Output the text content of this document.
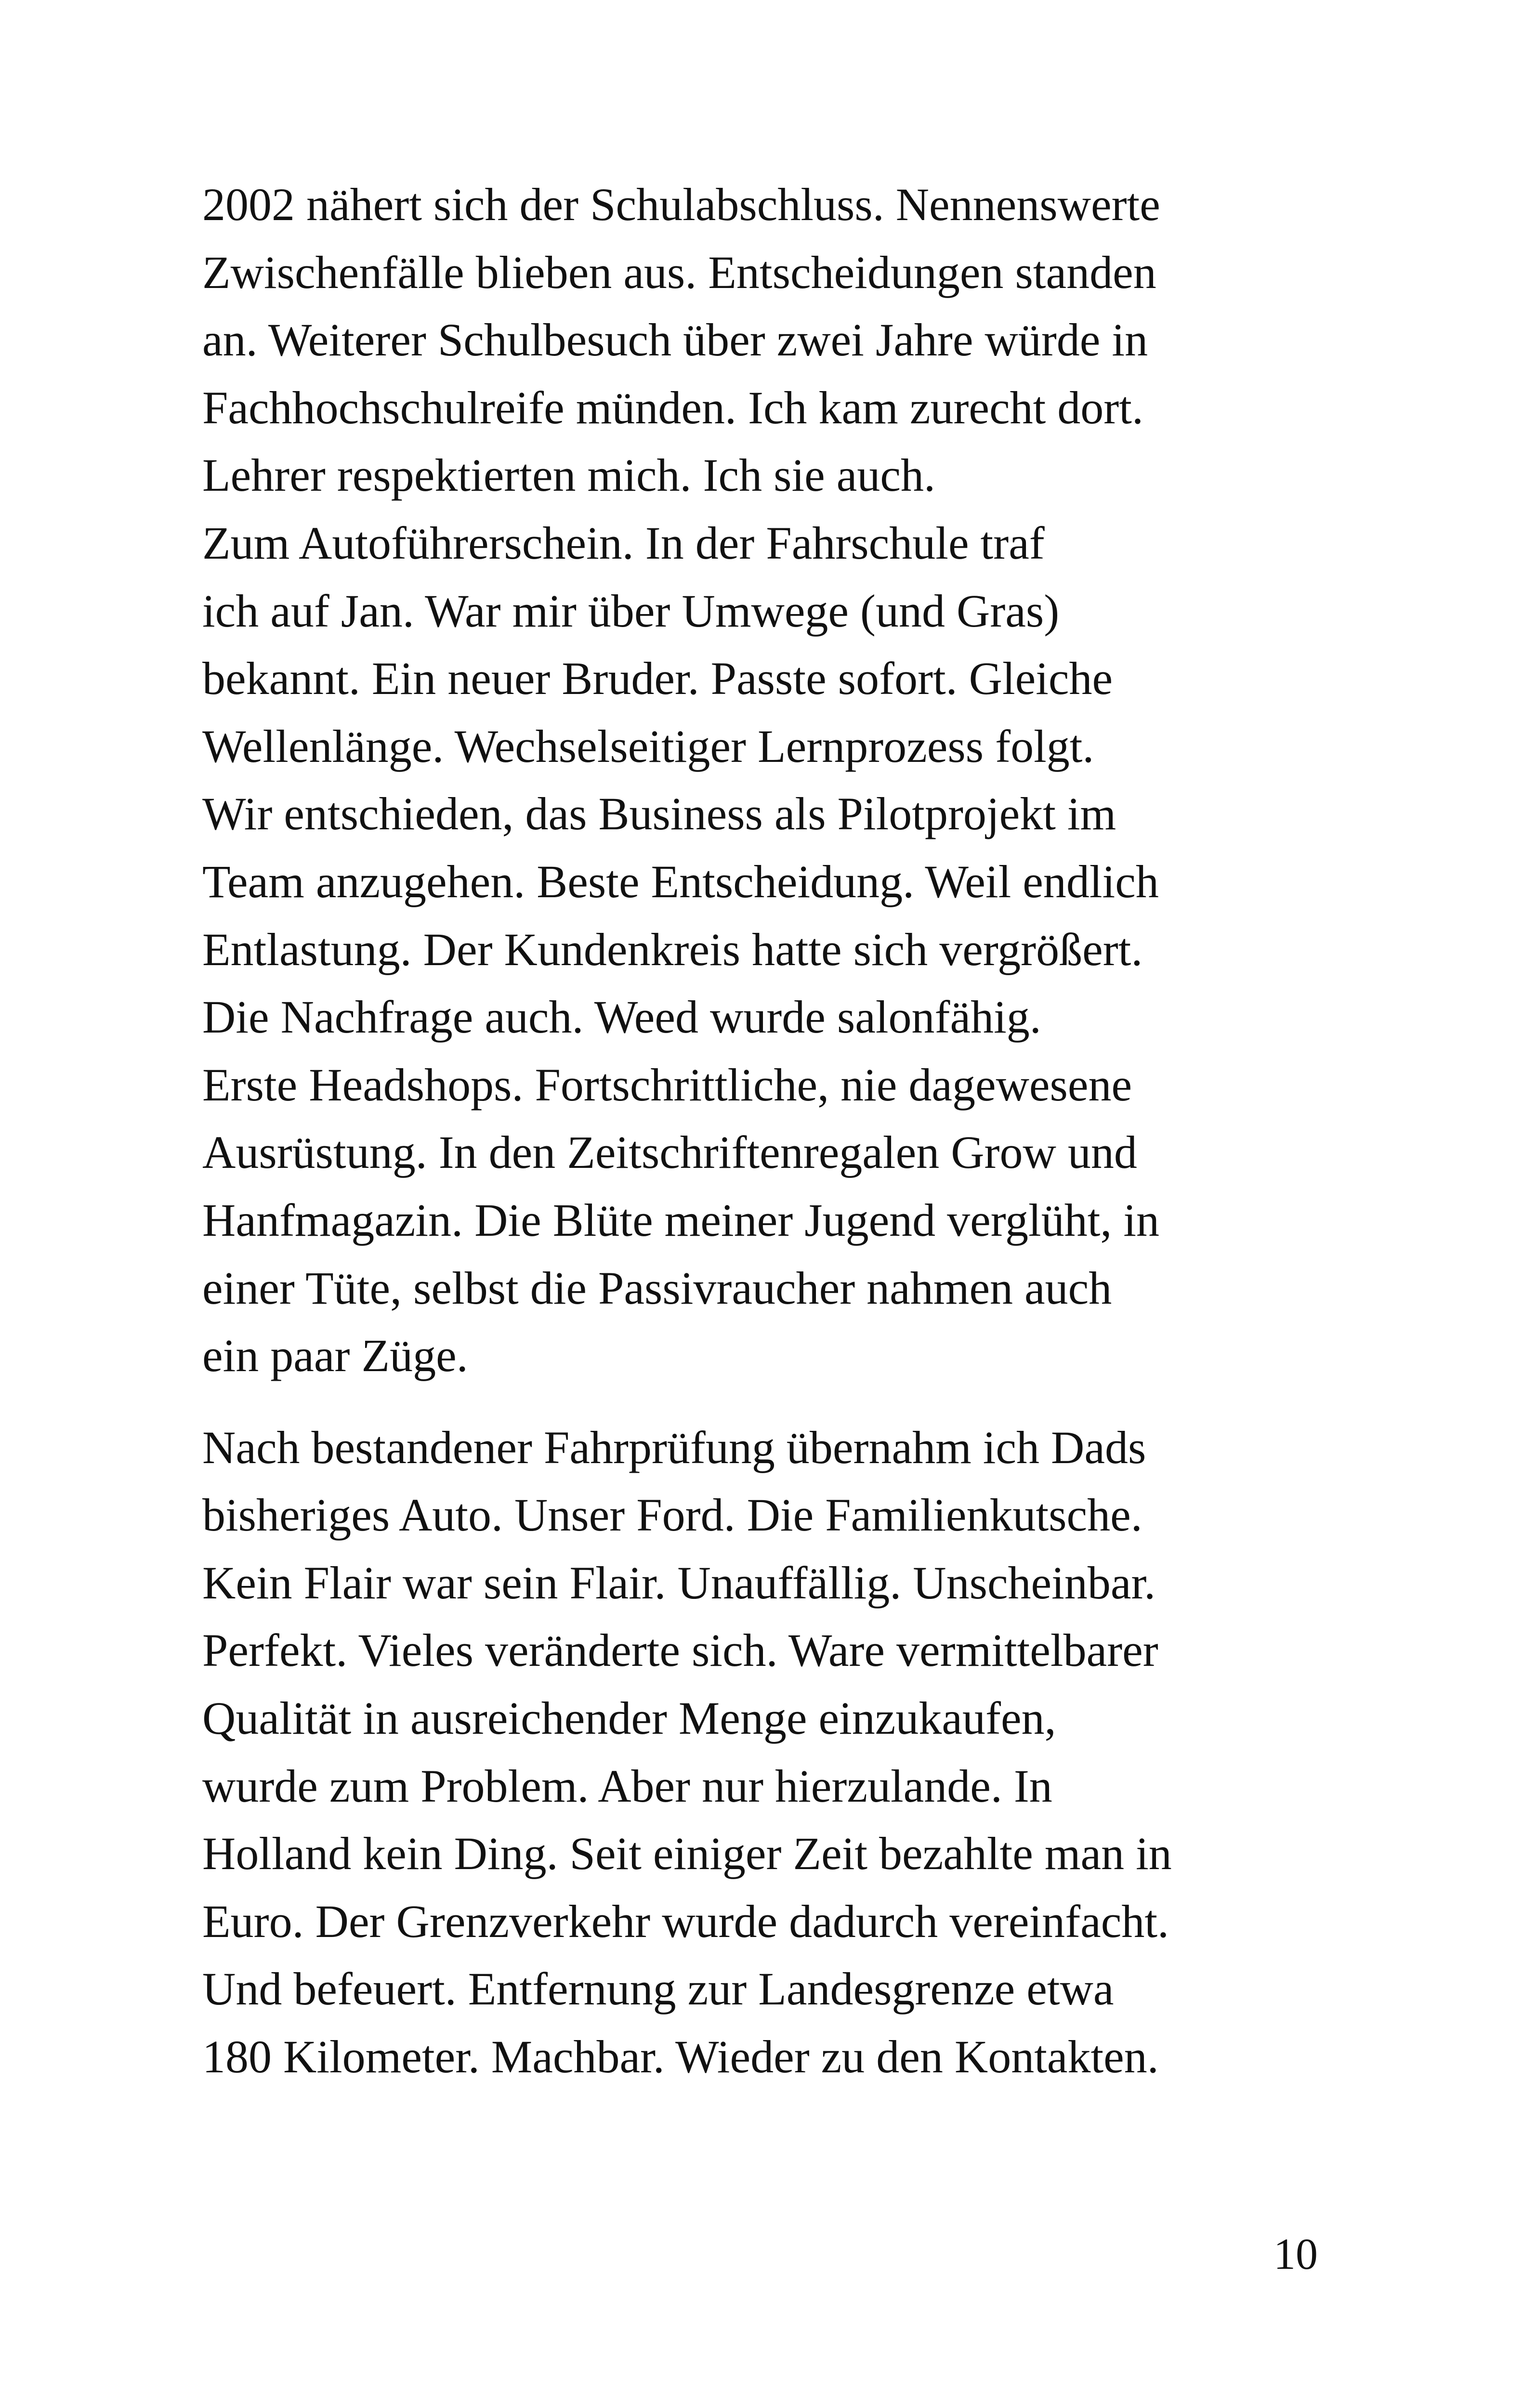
2002 nähert sich der Schulabschluss. Nennenswerte
Zwischenfälle blieben aus. Entscheidungen standen
an. Weiterer Schulbesuch über zwei Jahre würde in
Fachhochschulreife münden. Ich kam zurecht dort.
Lehrer respektierten mich. Ich sie auch.
Zum Autoführerschein. In der Fahrschule traf
ich auf Jan. War mir über Umwege (und Gras)
bekannt. Ein neuer Bruder. Passte sofort. Gleiche
Wellenlänge. Wechselseitiger Lernprozess folgt.
Wir entschieden, das Business als Pilotprojekt im
Team anzugehen. Beste Entscheidung. Weil endlich
Entlastung. Der Kundenkreis hatte sich vergrößert.
Die Nachfrage auch. Weed wurde salonfähig.
Erste Headshops. Fortschrittliche, nie dagewesene
Ausrüstung. In den Zeitschriftenregalen Grow und
Hanfmagazin. Die Blüte meiner Jugend verglüht, in
einer Tüte, selbst die Passivraucher nahmen auch
ein paar Züge.

Nach bestandener Fahrprüfung übernahm ich Dads
bisheriges Auto. Unser Ford. Die Familienkutsche.
Kein Flair war sein Flair. Unauffällig. Unscheinbar.
Perfekt. Vieles veränderte sich. Ware vermittelbarer
Qualität in ausreichender Menge einzukaufen,
wurde zum Problem. Aber nur hierzulande. In
Holland kein Ding. Seit einiger Zeit bezahlte man in
Euro. Der Grenzverkehr wurde dadurch vereinfacht.
Und befeuert. Entfernung zur Landesgrenze etwa
180 Kilometer. Machbar. Wieder zu den Kontakten.

10
